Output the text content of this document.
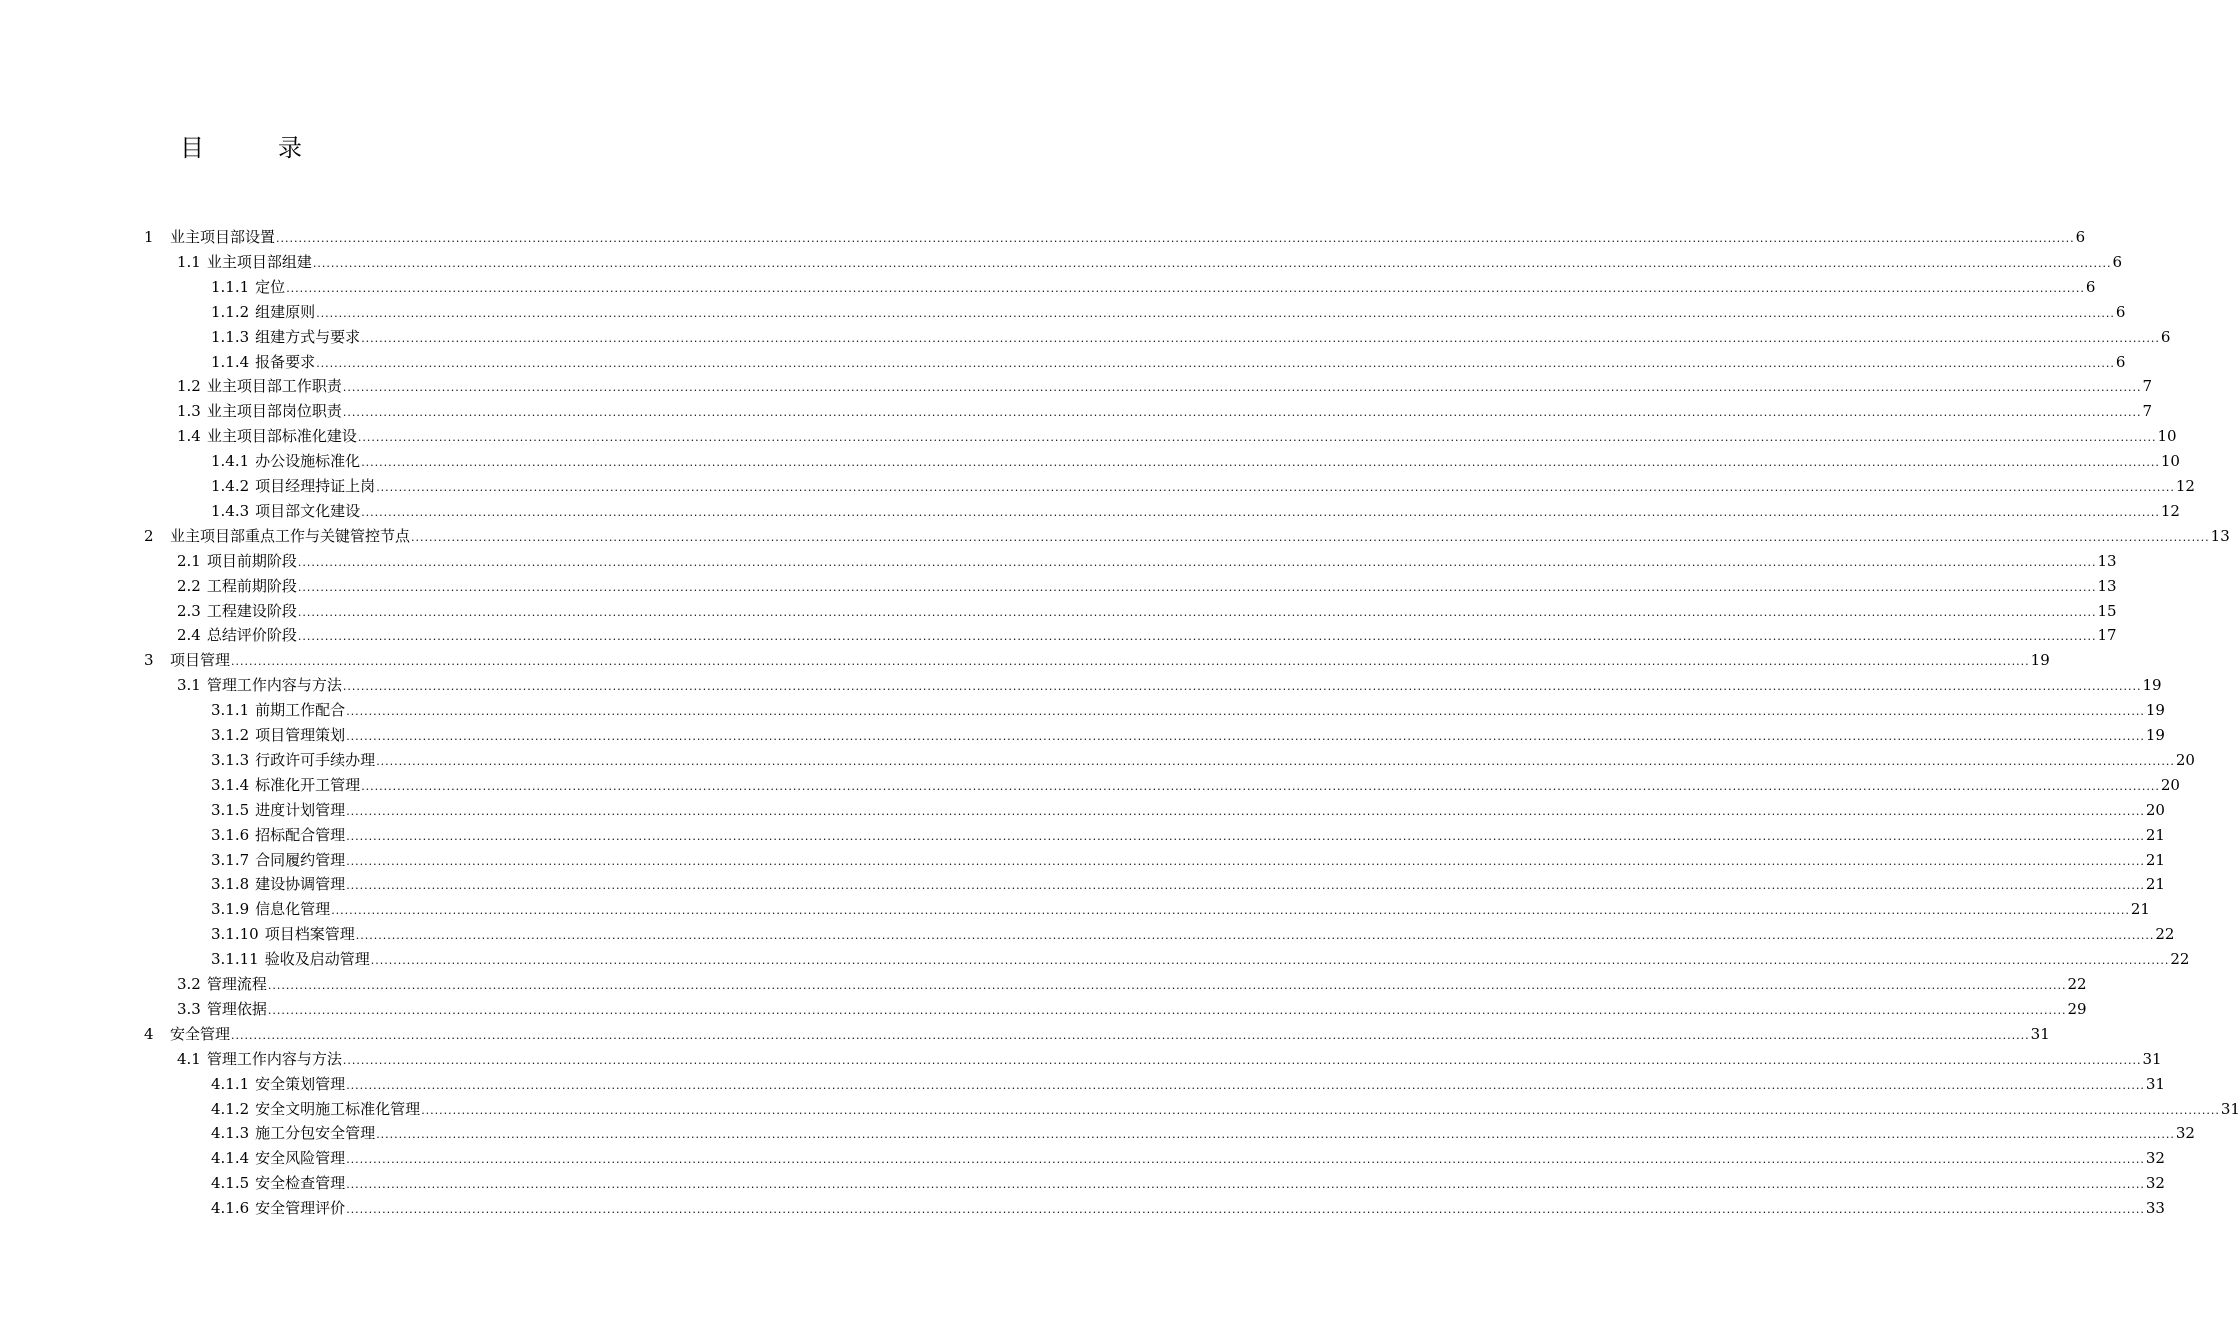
目　录
1	业主项目部设置 ................................................................................................................................................................................................................................................................................................................................................................................................................ 6
1.1 业主项目部组建 ................................................................................................................................................................................................................................................................................................................................................................................................................ 6
1.1.1 定位 ................................................................................................................................................................................................................................................................................................................................................................................................................ 6
1.1.2 组建原则 ................................................................................................................................................................................................................................................................................................................................................................................................................ 6
1.1.3 组建方式与要求 ................................................................................................................................................................................................................................................................................................................................................................................................................ 6
1.1.4 报备要求 ................................................................................................................................................................................................................................................................................................................................................................................................................ 6
1.2 业主项目部工作职责 ................................................................................................................................................................................................................................................................................................................................................................................................................ 7
1.3 业主项目部岗位职责 ................................................................................................................................................................................................................................................................................................................................................................................................................ 7
1.4 业主项目部标准化建设 ................................................................................................................................................................................................................................................................................................................................................................................................................ 10
1.4.1 办公设施标准化 ................................................................................................................................................................................................................................................................................................................................................................................................................ 10
1.4.2 项目经理持证上岗 ................................................................................................................................................................................................................................................................................................................................................................................................................ 12
1.4.3 项目部文化建设 ................................................................................................................................................................................................................................................................................................................................................................................................................ 12
2	业主项目部重点工作与关键管控节点 ................................................................................................................................................................................................................................................................................................................................................................................................................ 13
2.1 项目前期阶段 ................................................................................................................................................................................................................................................................................................................................................................................................................ 13
2.2 工程前期阶段 ................................................................................................................................................................................................................................................................................................................................................................................................................ 13
2.3 工程建设阶段 ................................................................................................................................................................................................................................................................................................................................................................................................................ 15
2.4 总结评价阶段 ................................................................................................................................................................................................................................................................................................................................................................................................................ 17
3	项目管理 ................................................................................................................................................................................................................................................................................................................................................................................................................ 19
3.1 管理工作内容与方法 ................................................................................................................................................................................................................................................................................................................................................................................................................ 19
3.1.1 前期工作配合 ................................................................................................................................................................................................................................................................................................................................................................................................................ 19
3.1.2 项目管理策划 ................................................................................................................................................................................................................................................................................................................................................................................................................ 19
3.1.3 行政许可手续办理 ................................................................................................................................................................................................................................................................................................................................................................................................................ 20
3.1.4 标准化开工管理 ................................................................................................................................................................................................................................................................................................................................................................................................................ 20
3.1.5 进度计划管理 ................................................................................................................................................................................................................................................................................................................................................................................................................ 20
3.1.6 招标配合管理 ................................................................................................................................................................................................................................................................................................................................................................................................................ 21
3.1.7 合同履约管理 ................................................................................................................................................................................................................................................................................................................................................................................................................ 21
3.1.8 建设协调管理 ................................................................................................................................................................................................................................................................................................................................................................................................................ 21
3.1.9 信息化管理 ................................................................................................................................................................................................................................................................................................................................................................................................................ 21
3.1.10 项目档案管理 ................................................................................................................................................................................................................................................................................................................................................................................................................ 22
3.1.11 验收及启动管理 ................................................................................................................................................................................................................................................................................................................................................................................................................ 22
3.2 管理流程 ................................................................................................................................................................................................................................................................................................................................................................................................................ 22
3.3 管理依据 ................................................................................................................................................................................................................................................................................................................................................................................................................ 29
4	安全管理 ................................................................................................................................................................................................................................................................................................................................................................................................................ 31
4.1 管理工作内容与方法 ................................................................................................................................................................................................................................................................................................................................................................................................................ 31
4.1.1 安全策划管理 ................................................................................................................................................................................................................................................................................................................................................................................................................ 31
4.1.2 安全文明施工标准化管理 ................................................................................................................................................................................................................................................................................................................................................................................................................ 31
4.1.3 施工分包安全管理 ................................................................................................................................................................................................................................................................................................................................................................................................................ 32
4.1.4 安全风险管理 ................................................................................................................................................................................................................................................................................................................................................................................................................ 32
4.1.5 安全检查管理 ................................................................................................................................................................................................................................................................................................................................................................................................................ 32
4.1.6 安全管理评价 ................................................................................................................................................................................................................................................................................................................................................................................................................ 33
